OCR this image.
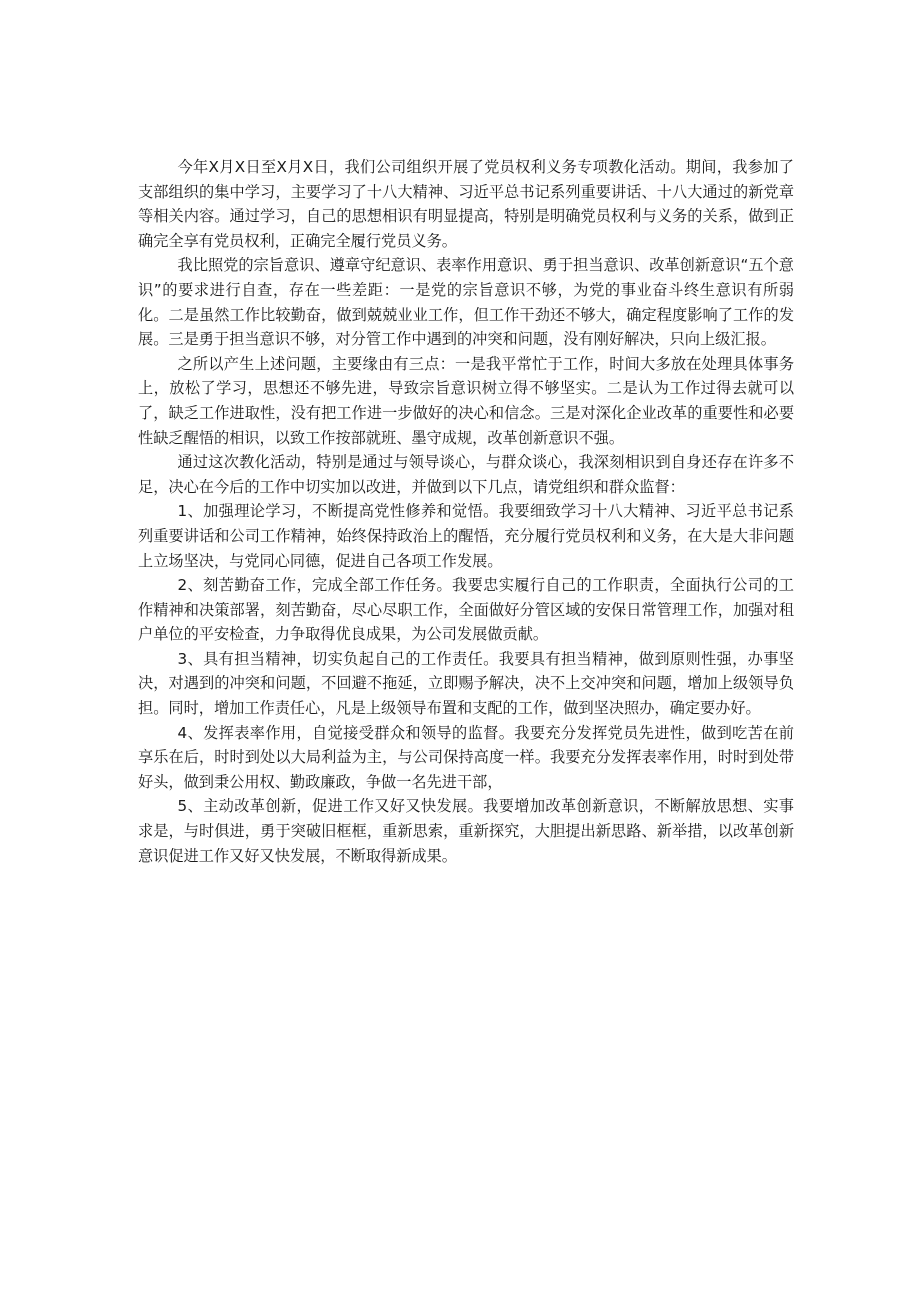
今年X月X日至X月X日，我们公司组织开展了党员权利义务专项教化活动。期间，我参加了支部组织的集中学习，主要学习了十八大精神、习近平总书记系列重要讲话、十八大通过的新党章等相关内容。通过学习，自己的思想相识有明显提高，特别是明确党员权利与义务的关系，做到正确完全享有党员权利，正确完全履行党员义务。

我比照党的宗旨意识、遵章守纪意识、表率作用意识、勇于担当意识、改革创新意识“五个意识”的要求进行自查，存在一些差距：一是党的宗旨意识不够，为党的事业奋斗终生意识有所弱化。二是虽然工作比较勤奋，做到兢兢业业工作，但工作干劲还不够大，确定程度影响了工作的发展。三是勇于担当意识不够，对分管工作中遇到的冲突和问题，没有刚好解决，只向上级汇报。

之所以产生上述问题，主要缘由有三点：一是我平常忙于工作，时间大多放在处理具体事务上，放松了学习，思想还不够先进，导致宗旨意识树立得不够坚实。二是认为工作过得去就可以了，缺乏工作进取性，没有把工作进一步做好的决心和信念。三是对深化企业改革的重要性和必要性缺乏醒悟的相识，以致工作按部就班、墨守成规，改革创新意识不强。

通过这次教化活动，特别是通过与领导谈心，与群众谈心，我深刻相识到自身还存在许多不足，决心在今后的工作中切实加以改进，并做到以下几点，请党组织和群众监督：

1、加强理论学习，不断提高党性修养和觉悟。我要细致学习十八大精神、习近平总书记系列重要讲话和公司工作精神，始终保持政治上的醒悟，充分履行党员权利和义务，在大是大非问题上立场坚决，与党同心同德，促进自己各项工作发展。

2、刻苦勤奋工作，完成全部工作任务。我要忠实履行自己的工作职责，全面执行公司的工作精神和决策部署，刻苦勤奋，尽心尽职工作，全面做好分管区域的安保日常管理工作，加强对租户单位的平安检查，力争取得优良成果，为公司发展做贡献。

3、具有担当精神，切实负起自己的工作责任。我要具有担当精神，做到原则性强，办事坚决，对遇到的冲突和问题，不回避不拖延，立即赐予解决，决不上交冲突和问题，增加上级领导负担。同时，增加工作责任心，凡是上级领导布置和支配的工作，做到坚决照办，确定要办好。

4、发挥表率作用，自觉接受群众和领导的监督。我要充分发挥党员先进性，做到吃苦在前享乐在后，时时到处以大局利益为主，与公司保持高度一样。我要充分发挥表率作用，时时到处带好头，做到秉公用权、勤政廉政，争做一名先进干部，

5、主动改革创新，促进工作又好又快发展。我要增加改革创新意识，不断解放思想、实事求是，与时俱进，勇于突破旧框框，重新思索，重新探究，大胆提出新思路、新举措，以改革创新意识促进工作又好又快发展，不断取得新成果。
